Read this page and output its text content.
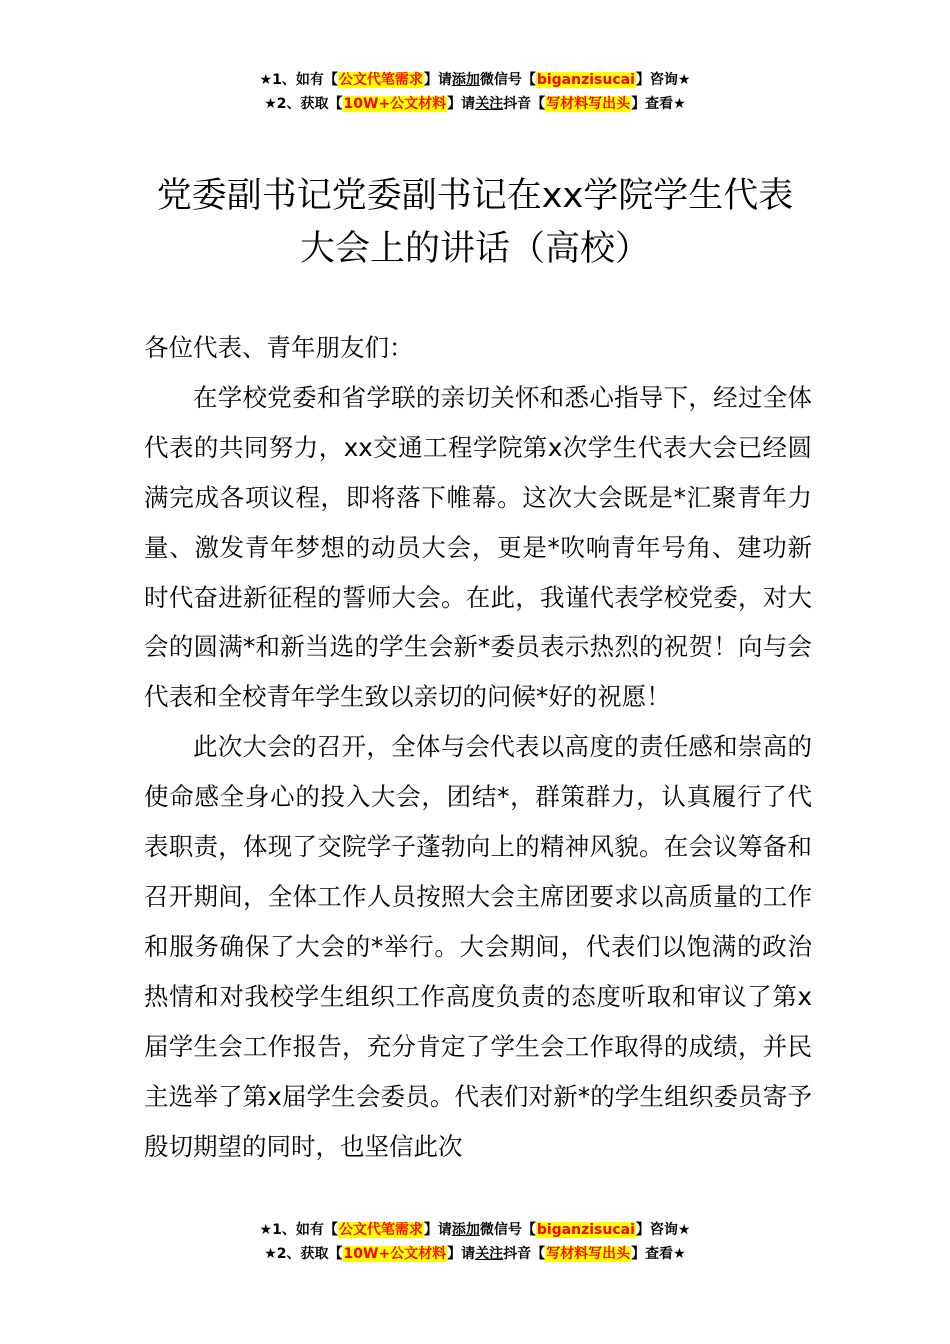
★1、如有【公文代笔需求】请添加微信号【biganzisucai】咨询★
★2、获取【10W+公文材料】请关注抖音【写材料写出头】查看★
党委副书记党委副书记在xx学院学生代表大会上的讲话（高校）

各位代表、青年朋友们：

在学校党委和省学联的亲切关怀和悉心指导下，经过全体代表的共同努力，xx交通工程学院第x次学生代表大会已经圆满完成各项议程，即将落下帷幕。这次大会既是*汇聚青年力量、激发青年梦想的动员大会，更是*吹响青年号角、建功新时代奋进新征程的誓师大会。在此，我谨代表学校党委，对大会的圆满*和新当选的学生会新*委员表示热烈的祝贺！向与会代表和全校青年学生致以亲切的问候*好的祝愿！

此次大会的召开，全体与会代表以高度的责任感和崇高的使命感全身心的投入大会，团结*，群策群力，认真履行了代表职责，体现了交院学子蓬勃向上的精神风貌。在会议筹备和召开期间，全体工作人员按照大会主席团要求以高质量的工作和服务确保了大会的*举行。大会期间，代表们以饱满的政治热情和对我校学生组织工作高度负责的态度听取和审议了第x届学生会工作报告，充分肯定了学生会工作取得的成绩，并民主选举了第x届学生会委员。代表们对新*的学生组织委员寄予殷切期望的同时，也坚信此次

★1、如有【公文代笔需求】请添加微信号【biganzisucai】咨询★
★2、获取【10W+公文材料】请关注抖音【写材料写出头】查看★
